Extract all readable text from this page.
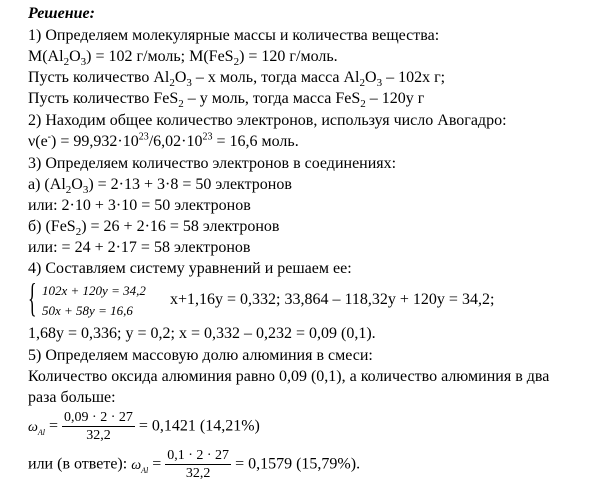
Решение:
1) Определяем молекулярные массы и количества вещества:
$M(Al_2O_3) = 102$ г/моль; M(FeS$_2$) = 120 г/моль.
Пусть количество $Al_2O_3$ – x моль, тогда масса $Al_2O_3 - 102x$ г;
Пусть количество FeS$_2$ – y моль, тогда масса FeS$_2$ – 120y г
2) Находим общее количество электронов, используя число Авогадро:
$\nu(e^-) = 99,932\cdot 10^{23}/6,02\cdot 10^{23} = 16,6$ моль.
3) Определяем количество электронов в соединениях:
а) $(Al_2O_3) = 2\cdot 13 + 3\cdot 8 = 50$ электронов
или: 2·10 + 3·10 = 50 электронов
б) (FeS$_2$) = 26 + 2·16 = 58 электронов
или: = 24 + 2·17 = 58 электронов
4) Составляем систему уравнений и решаем ее:
{ 102x + 120y = 34,2
50x + 58y = 16,6
x+1,16y = 0,332; 33,864 – 118,32y + 120y = 34,2;
1,68y = 0,336; y = 0,2; x = 0,332 – 0,232 = 0,09 (0,1).
5) Определяем массовую долю алюминия в смеси:
Количество оксида алюминия равно 0,09 (0,1), а количество алюминия в два
раза больше:
$\omega_{Al} = \frac{0,09 \cdot 2 \cdot 27}{32,2} = 0,1421$ (14,21%)
или (в ответе): $\omega_{Al} = \frac{0,1 \cdot 2 \cdot 27}{32,2} = 0,1579$ (15,79%).
